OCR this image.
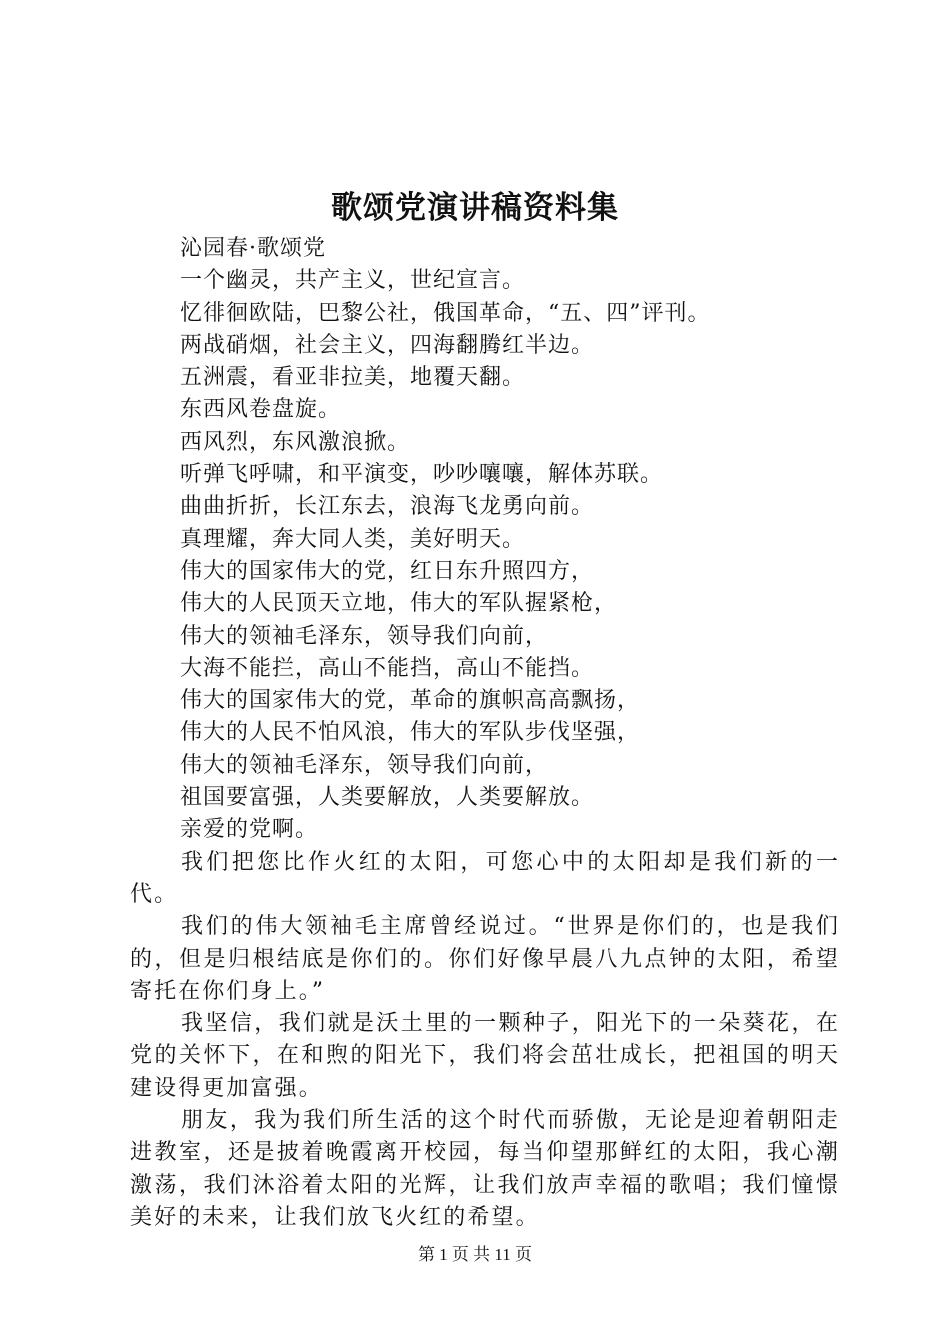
歌颂党演讲稿资料集

沁园春·歌颂党

一个幽灵，共产主义，世纪宣言。

忆徘徊欧陆，巴黎公社，俄国革命，“五、四”评刊。

两战硝烟，社会主义，四海翻腾红半边。

五洲震，看亚非拉美，地覆天翻。

东西风卷盘旋。

西风烈，东风激浪掀。

听弹飞呼啸，和平演变，吵吵嚷嚷，解体苏联。

曲曲折折，长江东去，浪海飞龙勇向前。

真理耀，奔大同人类，美好明天。

伟大的国家伟大的党，红日东升照四方，

伟大的人民顶天立地，伟大的军队握紧枪，

伟大的领袖毛泽东，领导我们向前，

大海不能拦，高山不能挡，高山不能挡。

伟大的国家伟大的党，革命的旗帜高高飘扬，

伟大的人民不怕风浪，伟大的军队步伐坚强，

伟大的领袖毛泽东，领导我们向前，

祖国要富强，人类要解放，人类要解放。

亲爱的党啊。

我们把您比作火红的太阳，可您心中的太阳却是我们新的一代。

我们的伟大领袖毛主席曾经说过。“世界是你们的，也是我们的，但是归根结底是你们的。你们好像早晨八九点钟的太阳，希望寄托在你们身上。”

我坚信，我们就是沃土里的一颗种子，阳光下的一朵葵花，在党的关怀下，在和煦的阳光下，我们将会茁壮成长，把祖国的明天建设得更加富强。

朋友，我为我们所生活的这个时代而骄傲，无论是迎着朝阳走进教室，还是披着晚霞离开校园，每当仰望那鲜红的太阳，我心潮激荡，我们沐浴着太阳的光辉，让我们放声幸福的歌唱；我们憧憬美好的未来，让我们放飞火红的希望。

第 1 页 共 11 页
